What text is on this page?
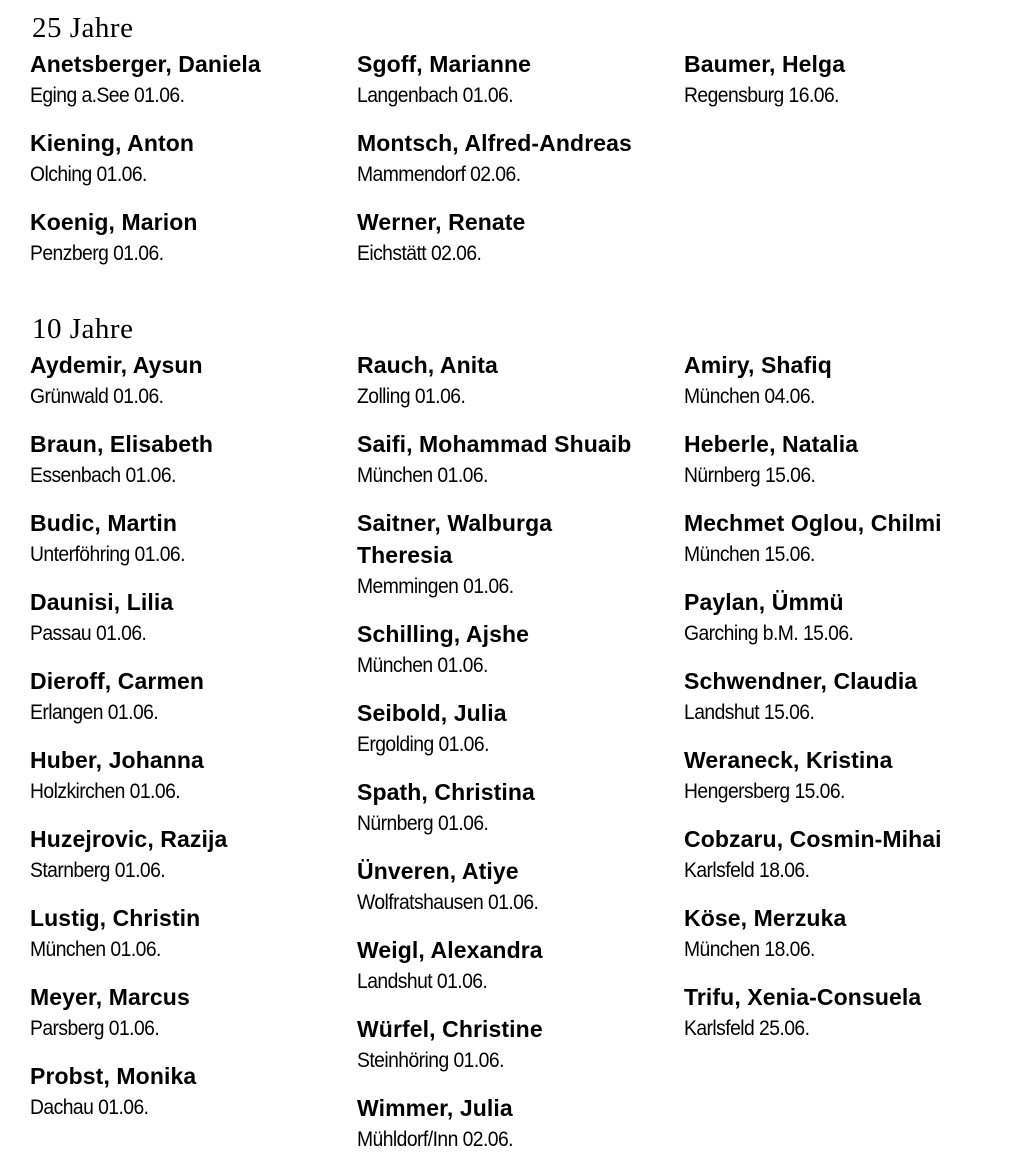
25 Jahre
Anetsberger, Daniela
Eging a.See 01.06.
Kiening, Anton
Olching 01.06.
Koenig, Marion
Penzberg 01.06.
Sgoff, Marianne
Langenbach 01.06.
Montsch, Alfred-Andreas
Mammendorf 02.06.
Werner, Renate
Eichstätt 02.06.
Baumer, Helga
Regensburg 16.06.
10 Jahre
Aydemir, Aysun
Grünwald 01.06.
Braun, Elisabeth
Essenbach 01.06.
Budic, Martin
Unterföhring 01.06.
Daunisi, Lilia
Passau 01.06.
Dieroff, Carmen
Erlangen 01.06.
Huber, Johanna
Holzkirchen 01.06.
Huzejrovic, Razija
Starnberg 01.06.
Lustig, Christin
München 01.06.
Meyer, Marcus
Parsberg 01.06.
Probst, Monika
Dachau 01.06.
Rauch, Anita
Zolling 01.06.
Saifi, Mohammad Shuaib
München 01.06.
Saitner, Walburga
Theresia
Memmingen 01.06.
Schilling, Ajshe
München 01.06.
Seibold, Julia
Ergolding 01.06.
Spath, Christina
Nürnberg 01.06.
Ünveren, Atiye
Wolfratshausen 01.06.
Weigl, Alexandra
Landshut 01.06.
Würfel, Christine
Steinhöring 01.06.
Wimmer, Julia
Mühldorf/Inn 02.06.
Amiry, Shafiq
München 04.06.
Heberle, Natalia
Nürnberg 15.06.
Mechmet Oglou, Chilmi
München 15.06.
Paylan, Ümmü
Garching b.M. 15.06.
Schwendner, Claudia
Landshut 15.06.
Weraneck, Kristina
Hengersberg 15.06.
Cobzaru, Cosmin-Mihai
Karlsfeld 18.06.
Köse, Merzuka
München 18.06.
Trifu, Xenia-Consuela
Karlsfeld 25.06.
